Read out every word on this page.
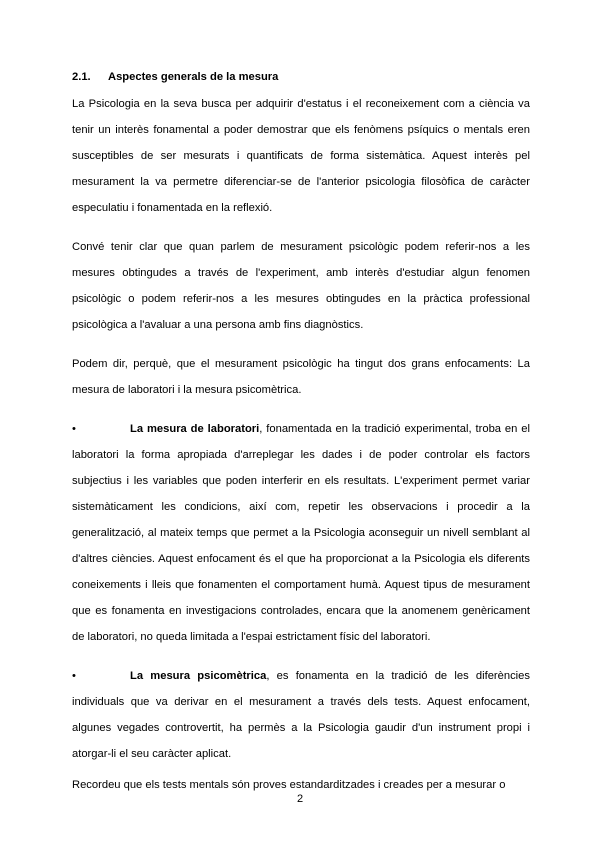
2.1. Aspectes generals de la mesura

La Psicologia en la seva busca per adquirir d'estatus i el reconeixement com a ciència va tenir un interès fonamental a poder demostrar que els fenòmens psíquics o mentals eren susceptibles de ser mesurats i quantificats de forma sistemàtica. Aquest interès pel mesurament la va permetre diferenciar-se de l'anterior psicologia filosòfica de caràcter especulatiu i fonamentada en la reflexió.

Convé tenir clar que quan parlem de mesurament psicològic podem referir-nos a les mesures obtingudes a través de l'experiment, amb interès d'estudiar algun fenomen psicològic o podem referir-nos a les mesures obtingudes en la pràctica professional psicològica a l'avaluar a una persona amb fins diagnòstics.

Podem dir, perquè, que el mesurament psicològic ha tingut dos grans enfocaments: La mesura de laboratori i la mesura psicomètrica.

•	La mesura de laboratori, fonamentada en la tradició experimental, troba en el laboratori la forma apropiada d'arreplegar les dades i de poder controlar els factors subjectius i les variables que poden interferir en els resultats. L'experiment permet variar sistemàticament les condicions, així com, repetir les observacions i procedir a la generalització, al mateix temps que permet a la Psicologia aconseguir un nivell semblant al d'altres ciències. Aquest enfocament és el que ha proporcionat a la Psicologia els diferents coneixements i lleis que fonamenten el comportament humà. Aquest tipus de mesurament que es fonamenta en investigacions controlades, encara que la anomenem genèricament de laboratori, no queda limitada a l'espai estrictament físic del laboratori.

•	La mesura psicomètrica, es fonamenta en la tradició de les diferències individuals que va derivar en el mesurament a través dels tests. Aquest enfocament, algunes vegades controvertit, ha permès a la Psicologia gaudir d'un instrument propi i atorgar-li el seu caràcter aplicat.

Recordeu que els tests mentals són proves estandarditzades i creades per a mesurar o

2
